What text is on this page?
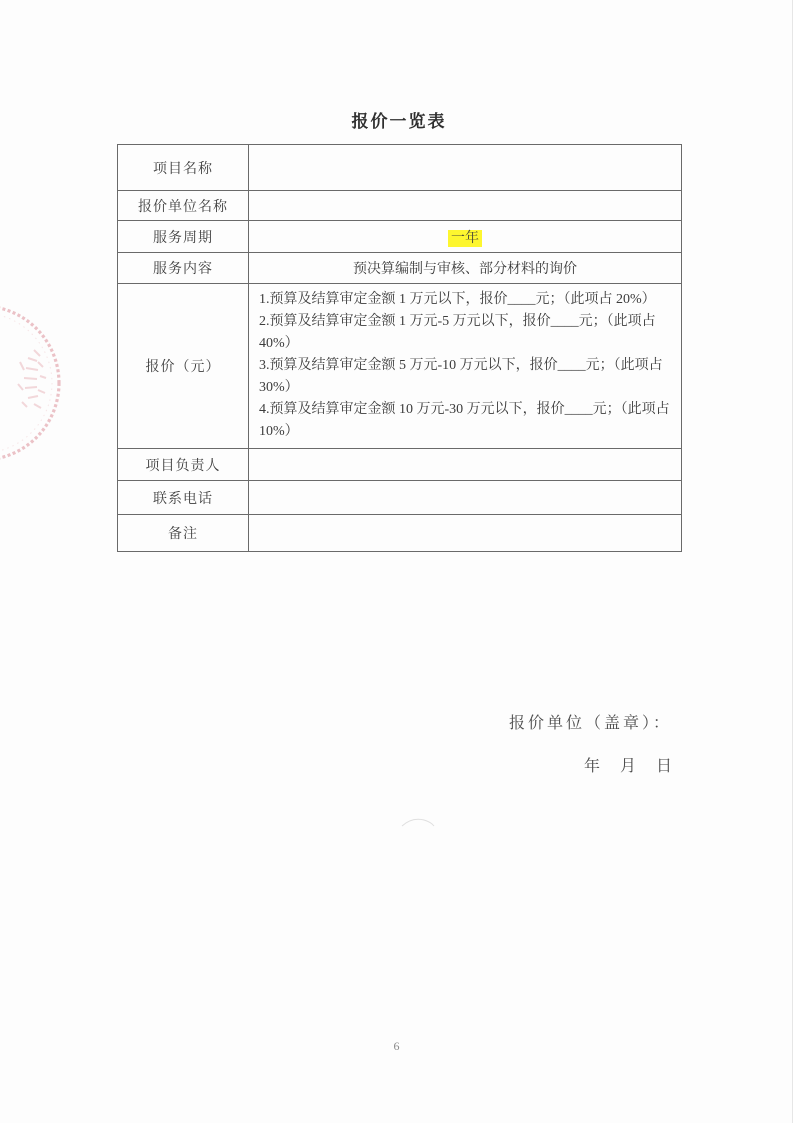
报价一览表
项目名称	
报价单位名称	
服务周期	一年
服务内容	预决算编制与审核、部分材料的询价
报价（元）	1.预算及结算审定金额 1 万元以下，报价____元；（此项占 20%）
2.预算及结算审定金额 1 万元-5 万元以下，报价____元；（此项占 40%）
3.预算及结算审定金额 5 万元-10 万元以下，报价____元；（此项占 30%）
4.预算及结算审定金额 10 万元-30 万元以下，报价____元；（此项占 10%）

项目负责人	
联系电话	
备注	
报价单位（盖章）：
年　月　日
6
